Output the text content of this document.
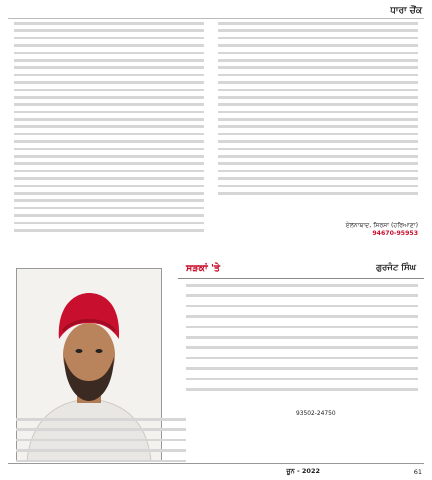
ਧਾਰਾ ਚੌਂਕ

ਏਲਨਾਬਾਦ, ਸਿਰਸਾ (ਹਰਿਆਣਾ)
94670-95953
ਸੜਕਾਂ 'ਤੇ	ਗੁਰਜੰਟ ਸਿੰਘ
93502-24750
ਜੂਨ - 2022	61
